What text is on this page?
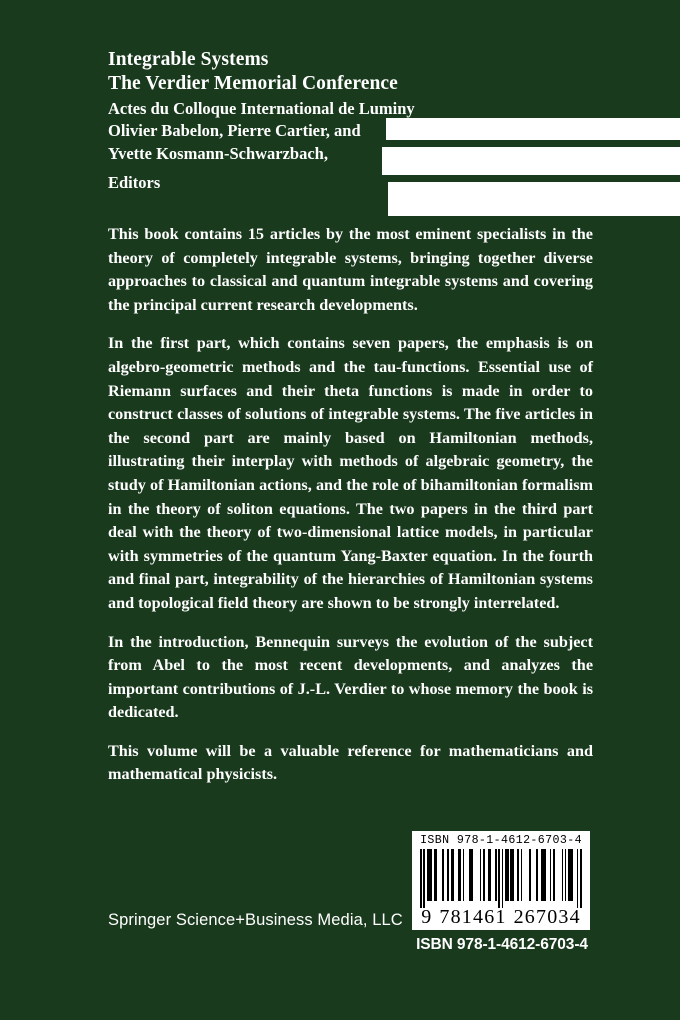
Integrable Systems
The Verdier Memorial Conference
Actes du Colloque International de Luminy
Olivier Babelon, Pierre Cartier, and
Yvette Kosmann-Schwarzbach,
Editors

This book contains 15 articles by the most eminent specialists in the theory of completely integrable systems, bringing together diverse approaches to classical and quantum integrable systems and covering the principal current research developments.

In the first part, which contains seven papers, the emphasis is on algebro-geometric methods and the tau-functions. Essential use of Riemann surfaces and their theta functions is made in order to construct classes of solutions of integrable systems. The five articles in the second part are mainly based on Hamiltonian methods, illustrating their interplay with methods of algebraic geometry, the study of Hamiltonian actions, and the role of bihamiltonian formalism in the theory of soliton equations. The two papers in the third part deal with the theory of two-dimensional lattice models, in particular with symmetries of the quantum Yang-Baxter equation. In the fourth and final part, integrability of the hierarchies of Hamiltonian systems and topological field theory are shown to be strongly interrelated.

In the introduction, Bennequin surveys the evolution of the subject from Abel to the most recent developments, and analyzes the important contributions of J.-L. Verdier to whose memory the book is dedicated.

This volume will be a valuable reference for mathematicians and mathematical physicists.

Springer Science+Business Media, LLC
ISBN 978-1-4612-6703-4
9 781461 267034
ISBN 978-1-4612-6703-4
